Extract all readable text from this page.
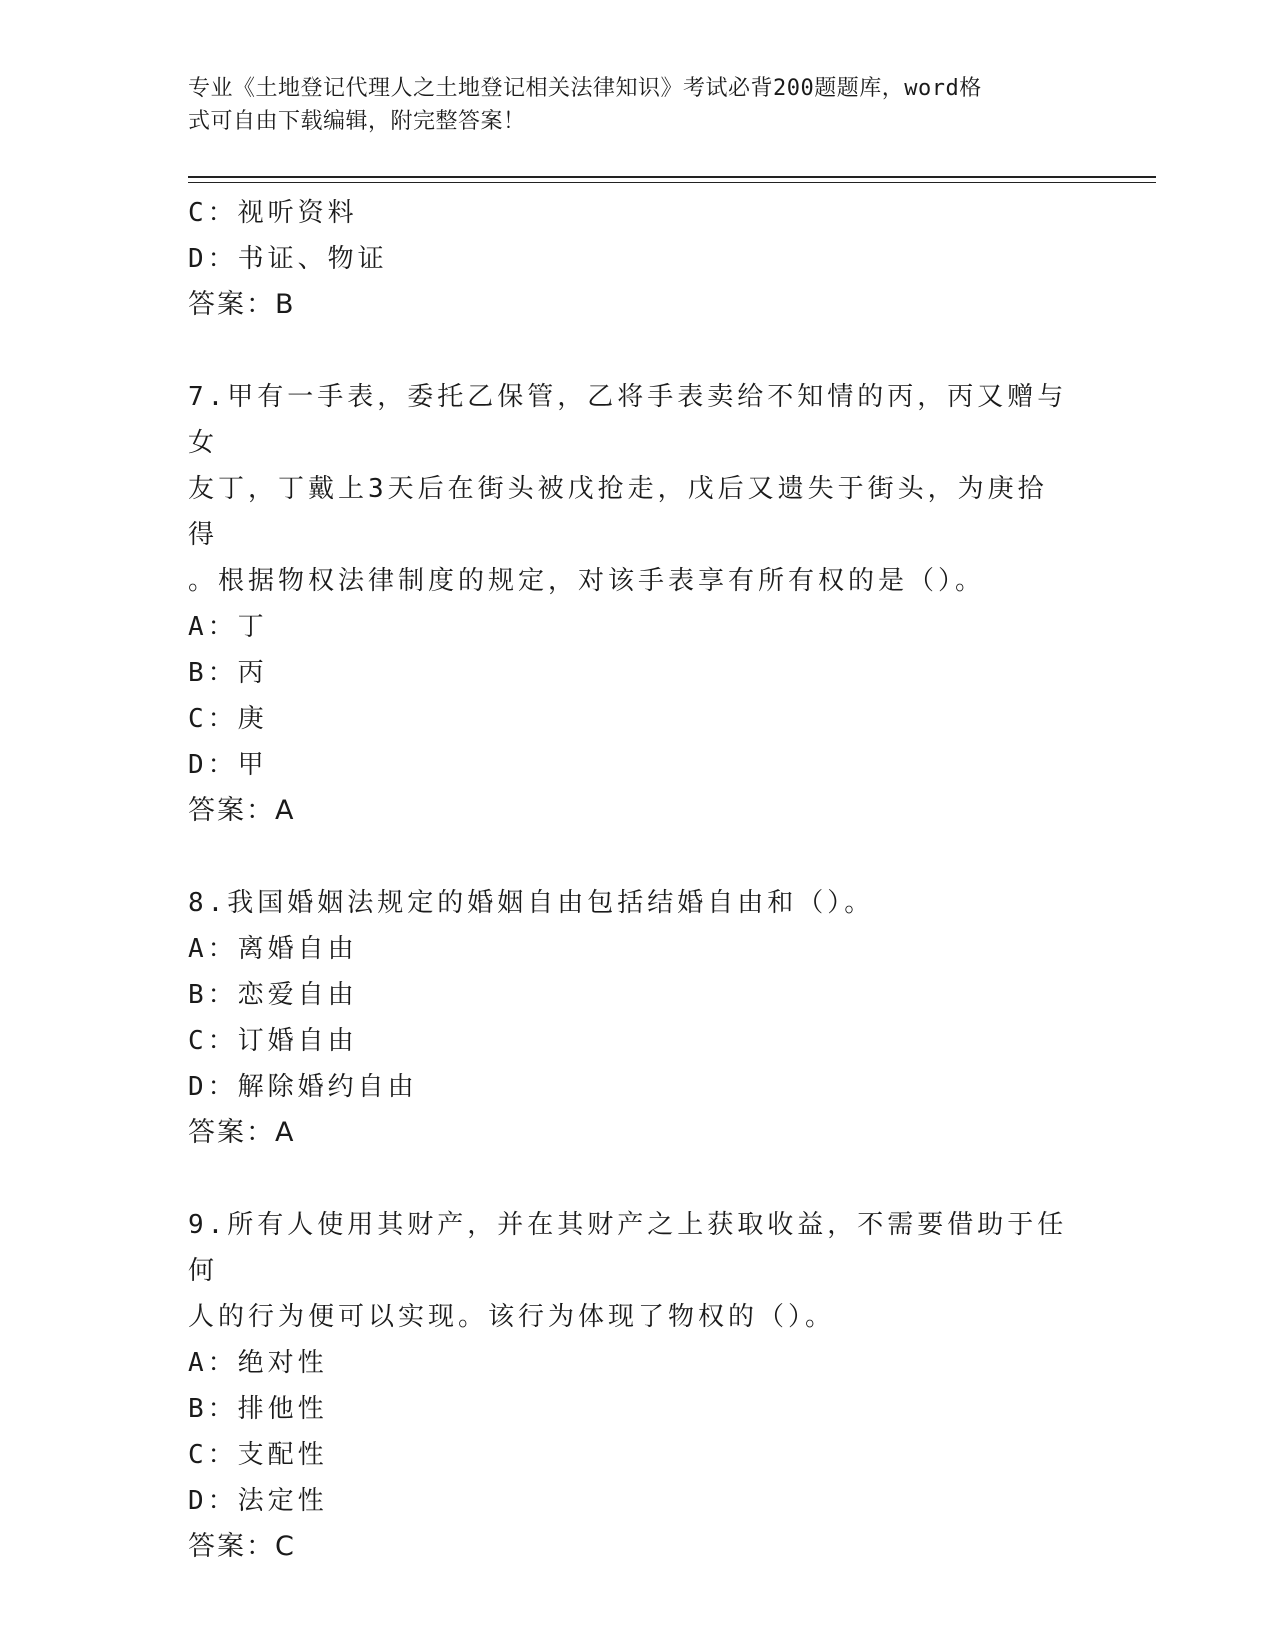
专业《土地登记代理人之土地登记相关法律知识》考试必背200题题库，word格
式可自由下载编辑，附完整答案！
C：视听资料
D：书证、物证
答案：B
7.甲有一手表，委托乙保管，乙将手表卖给不知情的丙，丙又赠与女
友丁，丁戴上3天后在街头被戊抢走，戊后又遗失于街头，为庚拾得
。根据物权法律制度的规定，对该手表享有所有权的是（）。
A：丁
B：丙
C：庚
D：甲
答案：A
8.我国婚姻法规定的婚姻自由包括结婚自由和（）。
A：离婚自由
B：恋爱自由
C：订婚自由
D：解除婚约自由
答案：A
9.所有人使用其财产，并在其财产之上获取收益，不需要借助于任何
人的行为便可以实现。该行为体现了物权的（）。
A：绝对性
B：排他性
C：支配性
D：法定性
答案：C
